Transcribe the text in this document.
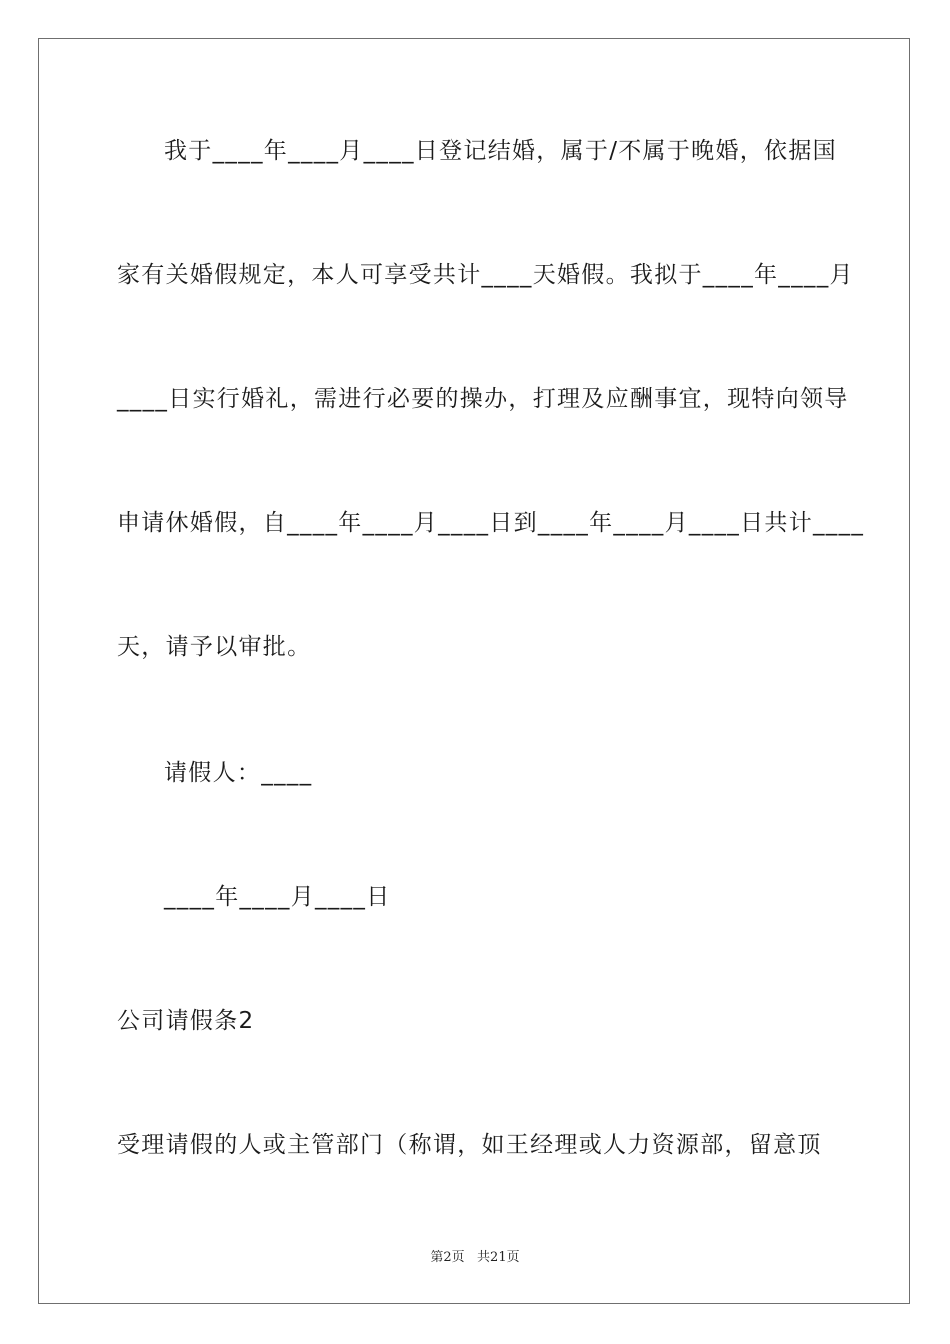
我于____年____月____日登记结婚，属于/不属于晚婚，依据国

家有关婚假规定，本人可享受共计____天婚假。我拟于____年____月

____日实行婚礼，需进行必要的操办，打理及应酬事宜，现特向领导

申请休婚假，自____年____月____日到____年____月____日共计____

天，请予以审批。

请假人：____

____年____月____日

公司请假条2

受理请假的人或主管部门（称谓，如王经理或人力资源部，留意顶

第2页   共21页
